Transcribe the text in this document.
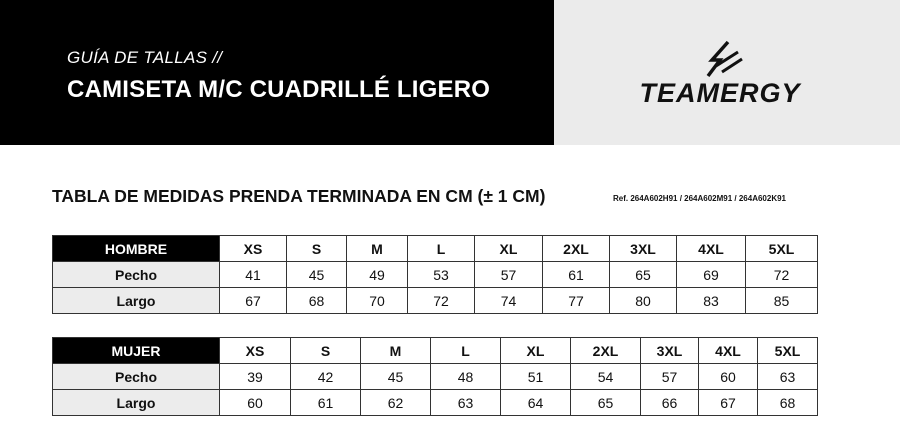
GUÍA DE TALLAS //
CAMISETA M/C CUADRILLÉ LIGERO	TEAMERGY
TABLA DE MEDIDAS PRENDA TERMINADA EN CM (± 1 CM)	Ref. 264A602H91 / 264A602M91 / 264A602K91
HOMBRE	XS	S	M	L	XL	2XL	3XL	4XL	5XL
Pecho	41	45	49	53	57	61	65	69	72
Largo	67	68	70	72	74	77	80	83	85
MUJER	XS	S	M	L	XL	2XL	3XL	4XL	5XL
Pecho	39	42	45	48	51	54	57	60	63
Largo	60	61	62	63	64	65	66	67	68
